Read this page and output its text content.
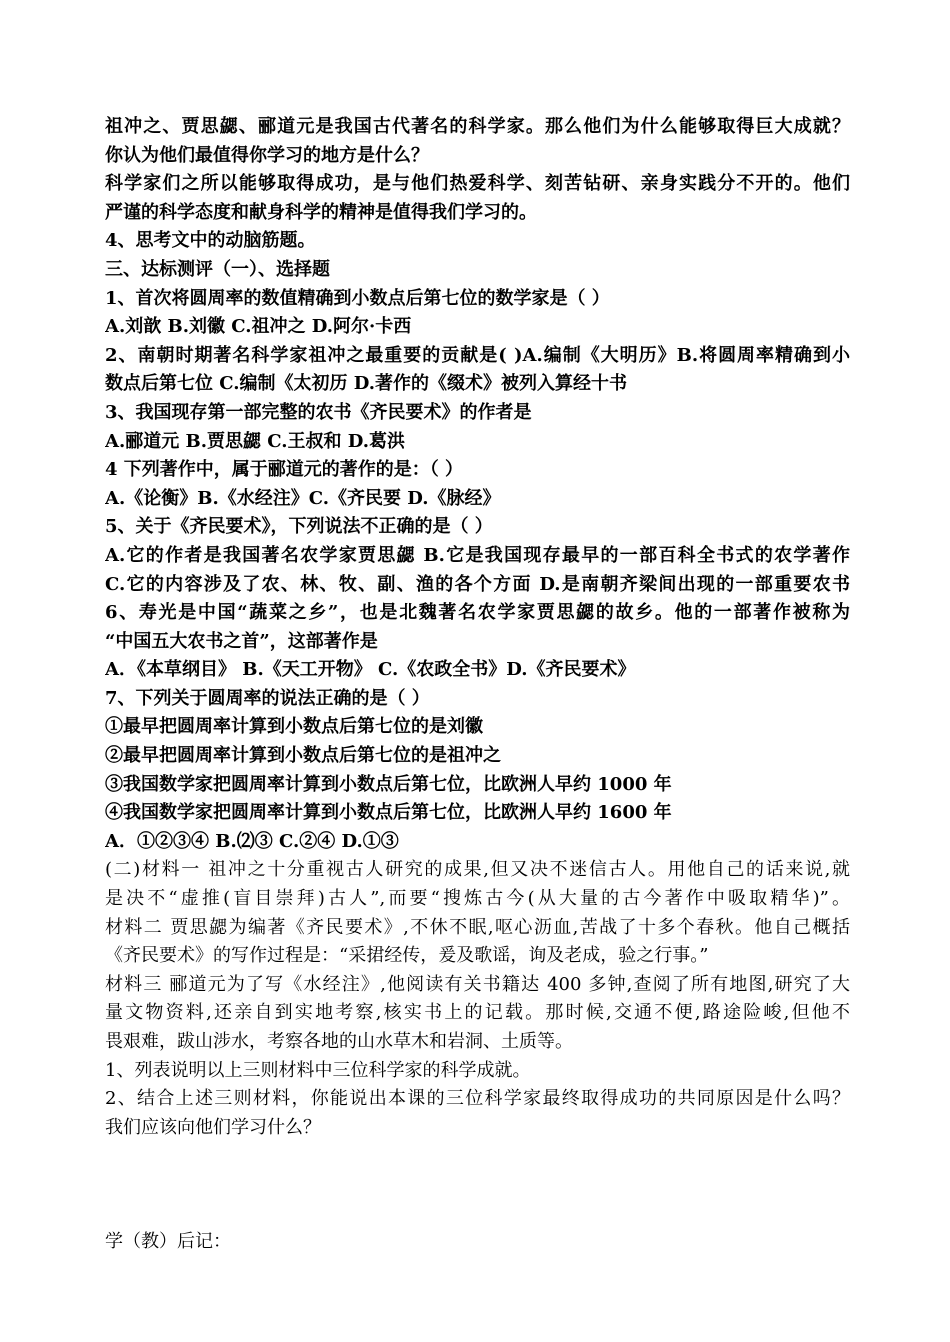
祖冲之、贾思勰、郦道元是我国古代著名的科学家。那么他们为什么能够取得巨大成就？
你认为他们最值得你学习的地方是什么？
科学家们之所以能够取得成功，是与他们热爱科学、刻苦钻研、亲身实践分不开的。他们
严谨的科学态度和献身科学的精神是值得我们学习的。
4、思考文中的动脑筋题。
三、达标测评（一）、选择题
1、首次将圆周率的数值精确到小数点后第七位的数学家是（ ）
A.刘歆 B.刘徽 C.祖冲之 D.阿尔·卡西
2、南朝时期著名科学家祖冲之最重要的贡献是( )A.编制《大明历》B.将圆周率精确到小
数点后第七位 C.编制《太初历 D.著作的《缀术》被列入算经十书
3、我国现存第一部完整的农书《齐民要术》的作者是
A.郦道元 B.贾思勰 C.王叔和 D.葛洪
4 下列著作中，属于郦道元的著作的是：（ ）
A.《论衡》B.《水经注》C.《齐民要 D.《脉经》
5、关于《齐民要术》，下列说法不正确的是（ ）
A.它的作者是我国著名农学家贾思勰 B.它是我国现存最早的一部百科全书式的农学著作
C.它的内容涉及了农、林、牧、副、渔的各个方面 D.是南朝齐梁间出现的一部重要农书
6、寿光是中国“蔬菜之乡”，也是北魏著名农学家贾思勰的故乡。他的一部著作被称为
“中国五大农书之首”，这部著作是
A．《本草纲目》 B.《天工开物》 C.《农政全书》D.《齐民要术》
7、下列关于圆周率的说法正确的是（ ）
①最早把圆周率计算到小数点后第七位的是刘徽
②最早把圆周率计算到小数点后第七位的是祖冲之
③我国数学家把圆周率计算到小数点后第七位，比欧洲人早约 1000 年
④我国数学家把圆周率计算到小数点后第七位，比欧洲人早约 1600 年
A．①②③④ B.⑵③ C.②④ D.①③
(二)材料一 祖冲之十分重视古人研究的成果,但又决不迷信古人。用他自己的话来说,就
是决不“虚推(盲目崇拜)古人”,而要“搜炼古今(从大量的古今著作中吸取精华)”。
材料二 贾思勰为编著《齐民要术》,不休不眠,呕心沥血,苦战了十多个春秋。他自己概括
《齐民要术》的写作过程是：“采捃经传，爰及歌谣，询及老成，验之行事。”
材料三 郦道元为了写《水经注》,他阅读有关书籍达 400 多钟,查阅了所有地图,研究了大
量文物资料,还亲自到实地考察,核实书上的记载。那时候,交通不便,路途险峻,但他不
畏艰难，跋山涉水，考察各地的山水草木和岩洞、土质等。
1、列表说明以上三则材料中三位科学家的科学成就。
2、结合上述三则材料，你能说出本课的三位科学家最终取得成功的共同原因是什么吗？
我们应该向他们学习什么？
学（教）后记：
